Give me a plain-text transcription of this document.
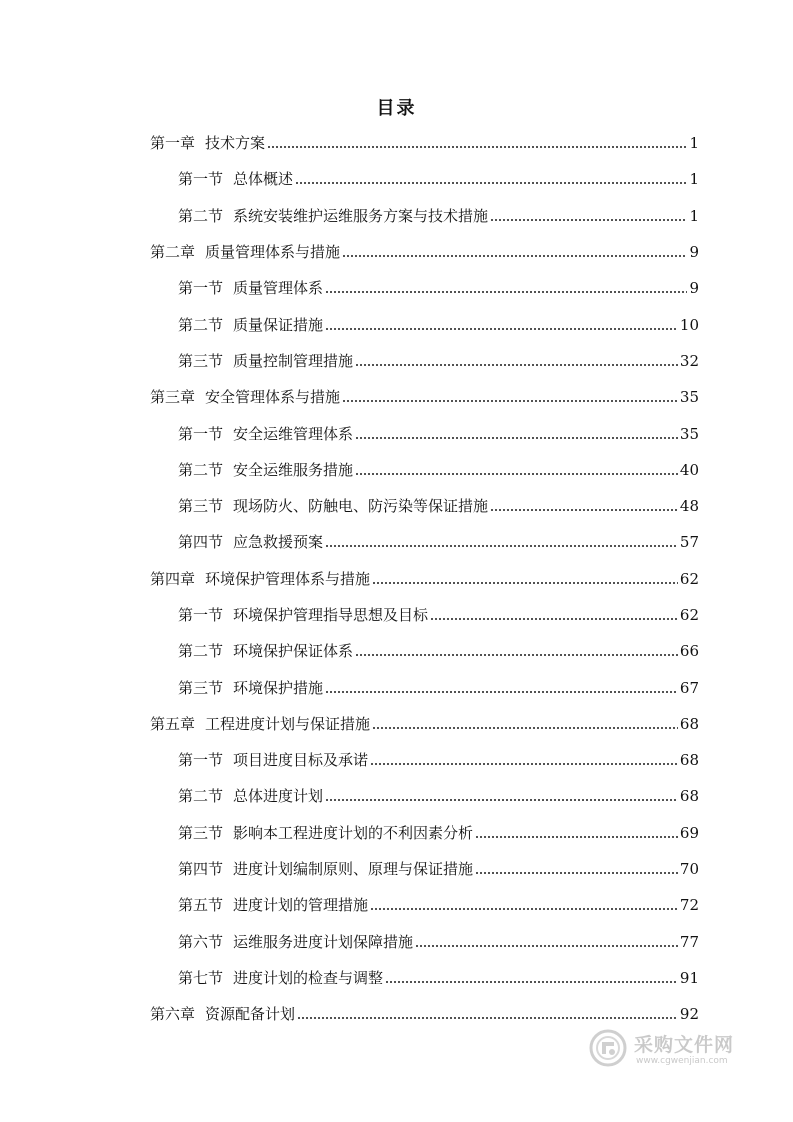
目录
第一章 技术方案	1
第一节 总体概述	1
第二节 系统安装维护运维服务方案与技术措施	1
第二章 质量管理体系与措施	9
第一节 质量管理体系	9
第二节 质量保证措施	10
第三节 质量控制管理措施	32
第三章 安全管理体系与措施	35
第一节 安全运维管理体系	35
第二节 安全运维服务措施	40
第三节 现场防火、防触电、防污染等保证措施	48
第四节 应急救援预案	57
第四章 环境保护管理体系与措施	62
第一节 环境保护管理指导思想及目标	62
第二节 环境保护保证体系	66
第三节 环境保护措施	67
第五章 工程进度计划与保证措施	68
第一节 项目进度目标及承诺	68
第二节 总体进度计划	68
第三节 影响本工程进度计划的不利因素分析	69
第四节 进度计划编制原则、原理与保证措施	70
第五节 进度计划的管理措施	72
第六节 运维服务进度计划保障措施	77
第七节 进度计划的检查与调整	91
第六章 资源配备计划	92
采购文件网
www.cgwenjian.com
